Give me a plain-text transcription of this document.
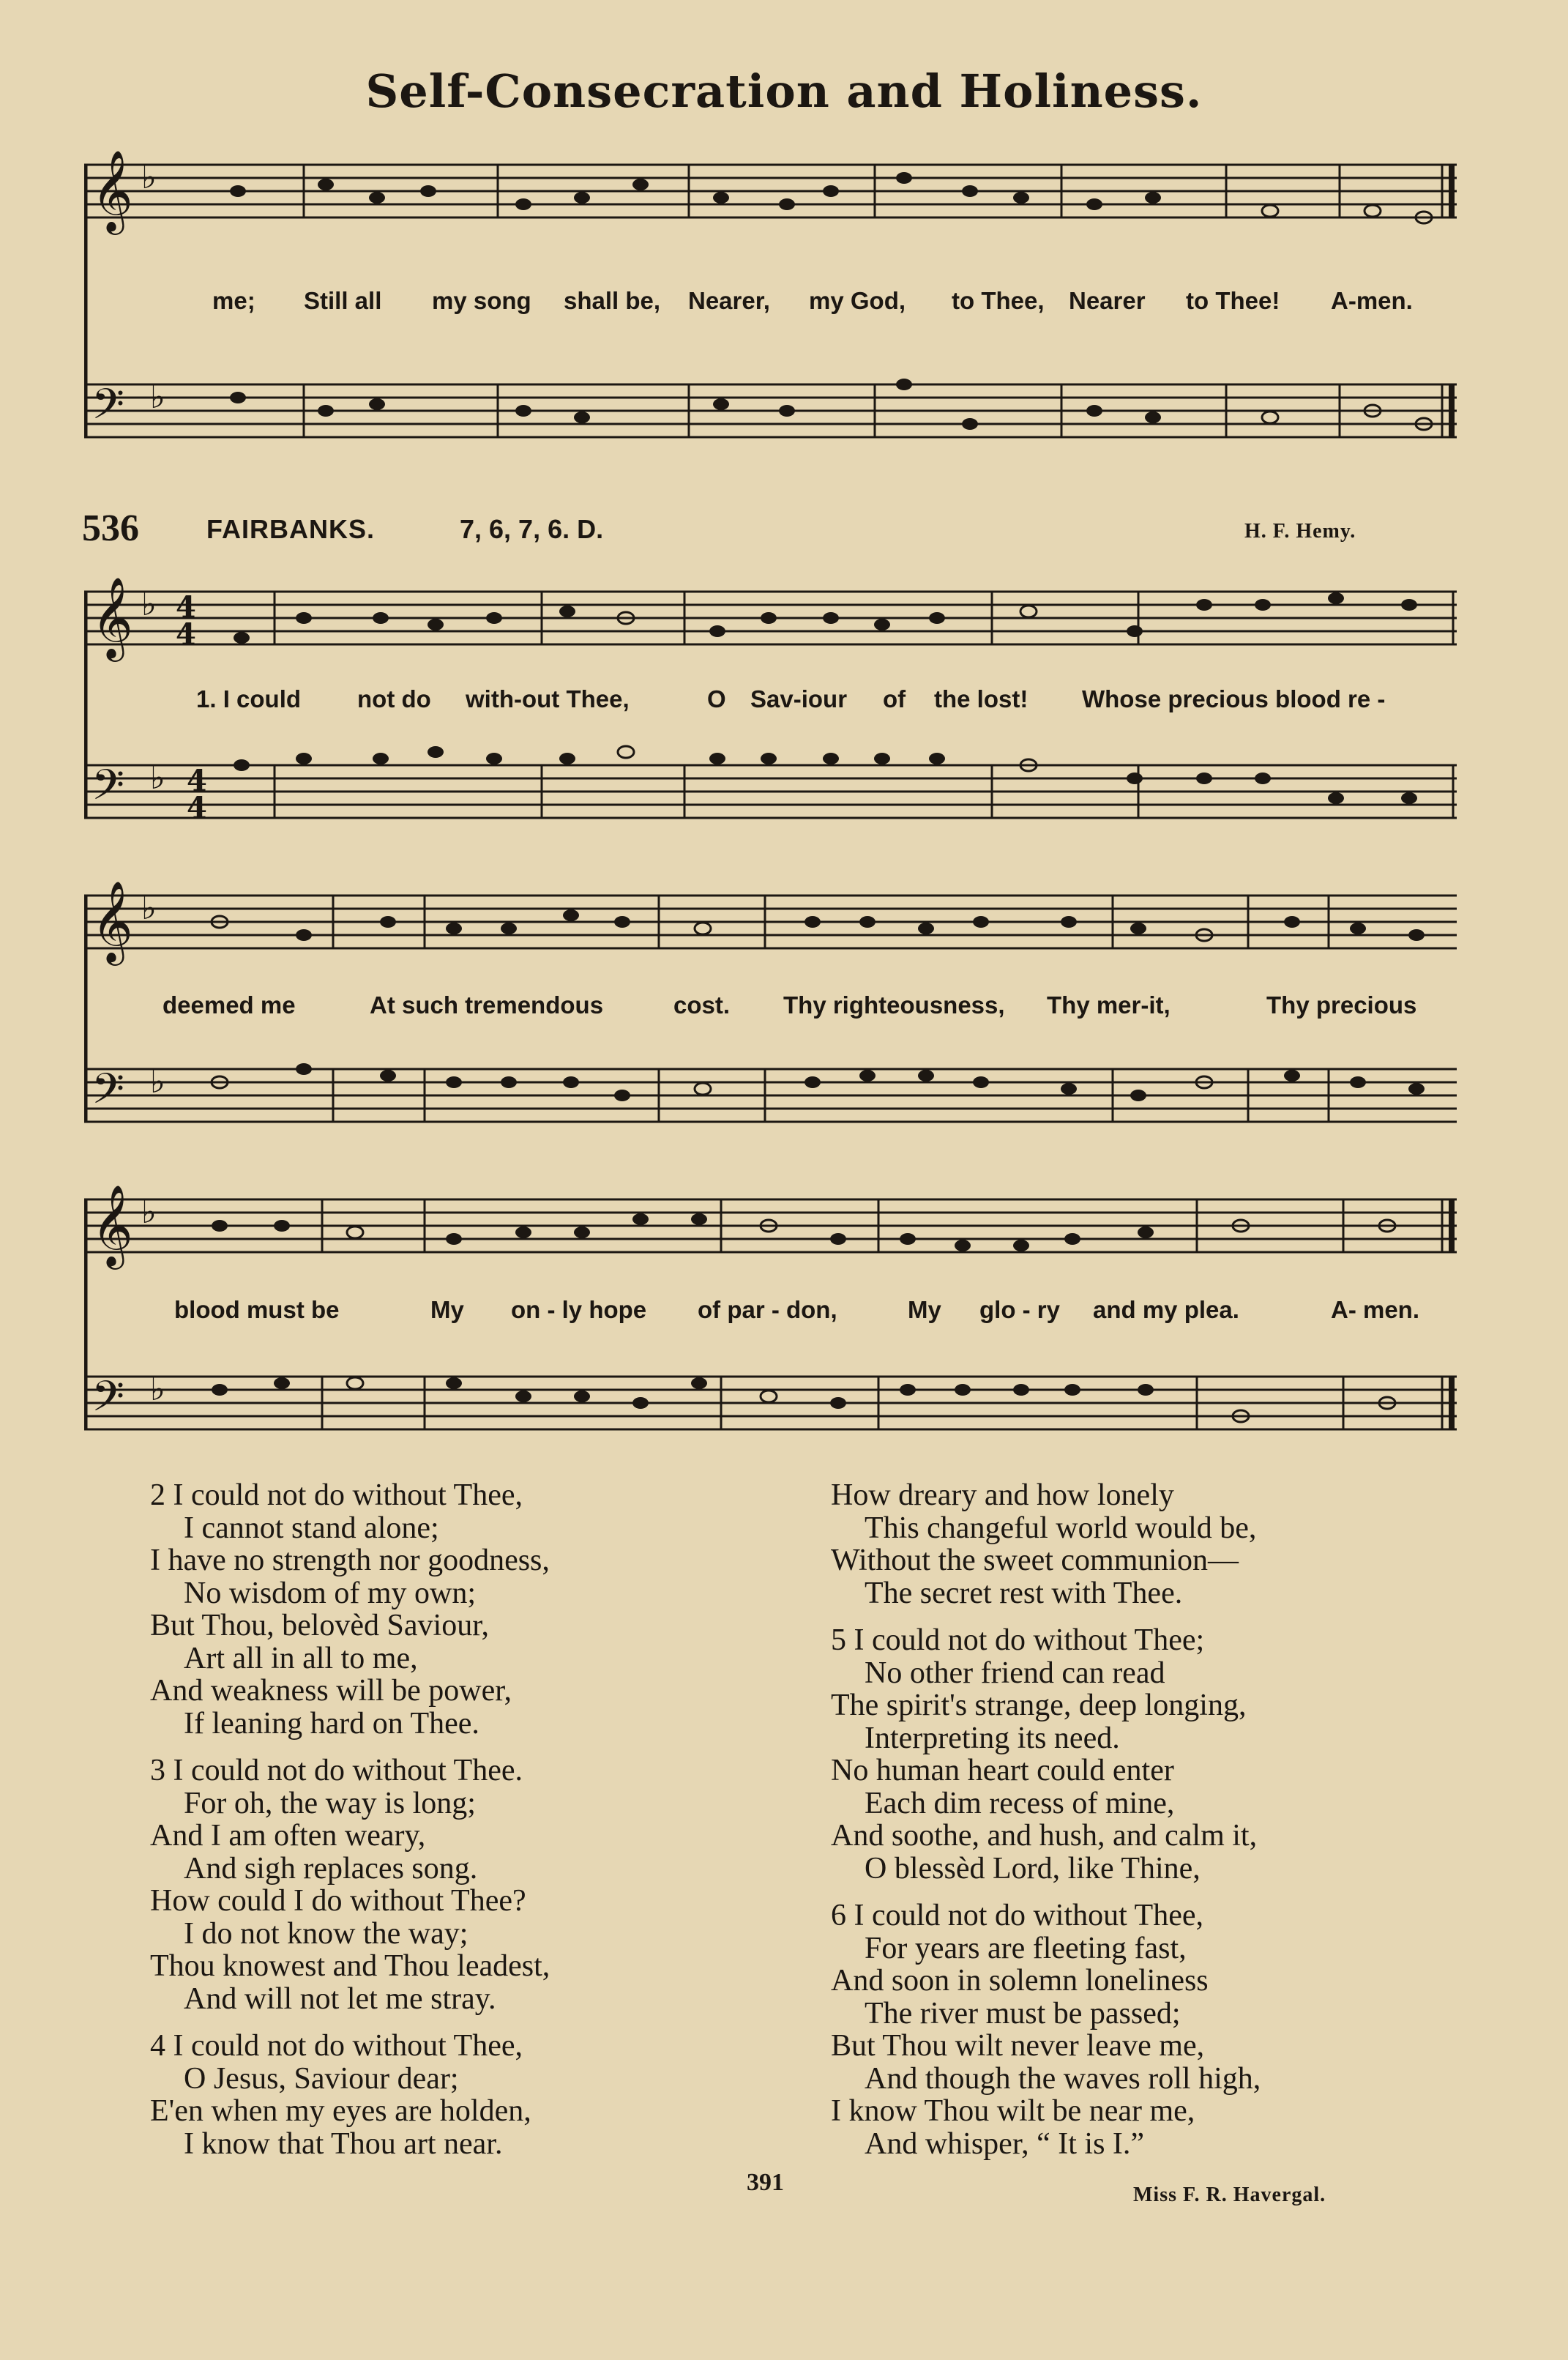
Self-Consecration and Holiness.
𝄞
𝄢
♭
♭
me; Still all my song shall be, Nearer, my God, to Thee, Nearer to Thee! A-men.
536	FAIRBANKS.	7, 6, 7, 6. D.	H. F. Hemy.
𝄞
𝄢
♭
♭
4
4
4
4
1. I could not do with-out Thee,	O Sav-iour of the lost! Whose precious blood re -
𝄞
𝄢
♭
♭
deemed me	At such tremendous	cost. Thy righteousness, Thy mer-it,	Thy precious
𝄞
𝄢
♭
♭
blood must be	My on - ly hope of par - don,	My glo - ry and my plea.	A- men.
2 I could not do without Thee,
I cannot stand alone;
I have no strength nor goodness,
No wisdom of my own;
But Thou, belovèd Saviour,
Art all in all to me,
And weakness will be power,
If leaning hard on Thee.
3 I could not do without Thee.
For oh, the way is long;
And I am often weary,
And sigh replaces song.
How could I do without Thee?
I do not know the way;
Thou knowest and Thou leadest,
And will not let me stray.
4 I could not do without Thee,
O Jesus, Saviour dear;
E'en when my eyes are holden,
I know that Thou art near.
How dreary and how lonely
This changeful world would be,
Without the sweet communion—
The secret rest with Thee.
5 I could not do without Thee;
No other friend can read
The spirit's strange, deep longing,
Interpreting its need.
No human heart could enter
Each dim recess of mine,
And soothe, and hush, and calm it,
O blessèd Lord, like Thine,
6 I could not do without Thee,
For years are fleeting fast,
And soon in solemn loneliness
The river must be passed;
But Thou wilt never leave me,
And though the waves roll high,
I know Thou wilt be near me,
And whisper, “ It is I.”
391	Miss F. R. Havergal.
